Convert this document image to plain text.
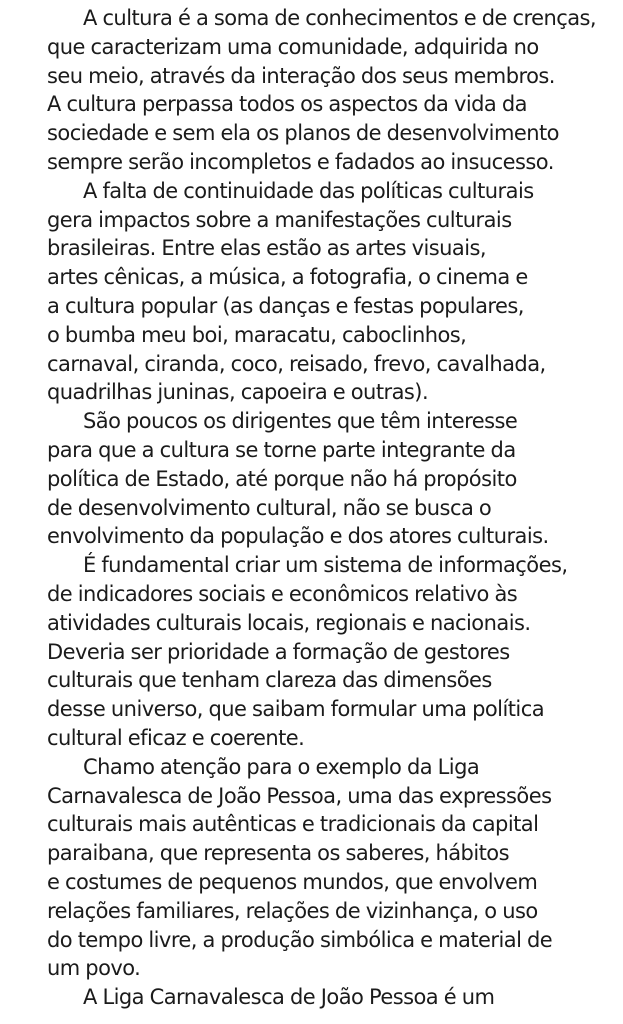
A cultura é a soma de conhecimentos e de crenças,
que caracterizam uma comunidade, adquirida no
seu meio, através da interação dos seus membros.
A cultura perpassa todos os aspectos da vida da
sociedade e sem ela os planos de desenvolvimento
sempre serão incompletos e fadados ao insucesso.
A falta de continuidade das políticas culturais
gera impactos sobre a manifestações culturais
brasileiras. Entre elas estão as artes visuais,
artes cênicas, a música, a fotografia, o cinema e
a cultura popular (as danças e festas populares,
o bumba meu boi, maracatu, caboclinhos,
carnaval, ciranda, coco, reisado, frevo, cavalhada,
quadrilhas juninas, capoeira e outras).
São poucos os dirigentes que têm interesse
para que a cultura se torne parte integrante da
política de Estado, até porque não há propósito
de desenvolvimento cultural, não se busca o
envolvimento da população e dos atores culturais.
É fundamental criar um sistema de informações,
de indicadores sociais e econômicos relativo às
atividades culturais locais, regionais e nacionais.
Deveria ser prioridade a formação de gestores
culturais que tenham clareza das dimensões
desse universo, que saibam formular uma política
cultural eficaz e coerente.
Chamo atenção para o exemplo da Liga
Carnavalesca de João Pessoa, uma das expressões
culturais mais autênticas e tradicionais da capital
paraibana, que representa os saberes, hábitos
e costumes de pequenos mundos, que envolvem
relações familiares, relações de vizinhança, o uso
do tempo livre, a produção simbólica e material de
um povo.
A Liga Carnavalesca de João Pessoa é um
